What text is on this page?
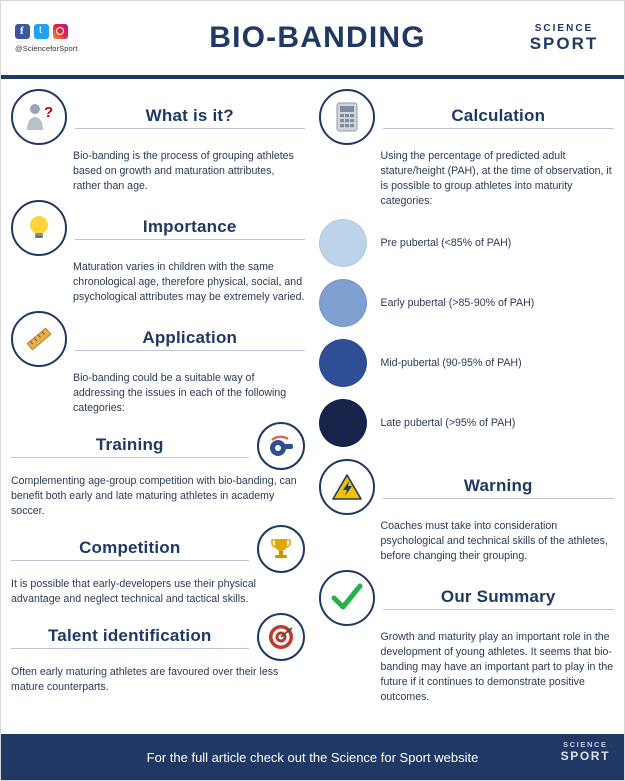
f
t
@ScienceforSport	BIO-BANDING	SCIENCE
SPORT
?	What is it?
Bio-banding is the process of grouping athletes based on growth and maturation attributes, rather than age.
Importance
Maturation varies in children with the same chronological age, therefore physical, social, and psychological attributes may be extremely varied.
Application
Bio-banding could be a suitable way of addressing the issues in each of the following categories:
Training
Complementing age-group competition with bio-banding, can benefit both early and late maturing athletes in academy soccer.
Competition
It is possible that early-developers use their physical advantage and neglect technical and tactical skills.
Talent identification
Often early maturing athletes are favoured over their less mature counterparts.
Calculation
Using the percentage of predicted adult stature/height (PAH), at the time of observation, it is possible to group athletes into maturity categories:
Pre pubertal (<85% of PAH)
Early pubertal (>85-90% of PAH)
Mid-pubertal (90-95% of PAH)
Late pubertal (>95% of PAH)
Warning
Coaches must take into consideration psychological and technical skills of the athletes, before changing their grouping.
Our Summary
Growth and maturity play an important role in the development of young athletes. It seems that bio-banding may have an important part to play in the future if it continues to demonstrate positive outcomes.
For the full article check out the Science for Sport website
SCIENCE
SPORT
